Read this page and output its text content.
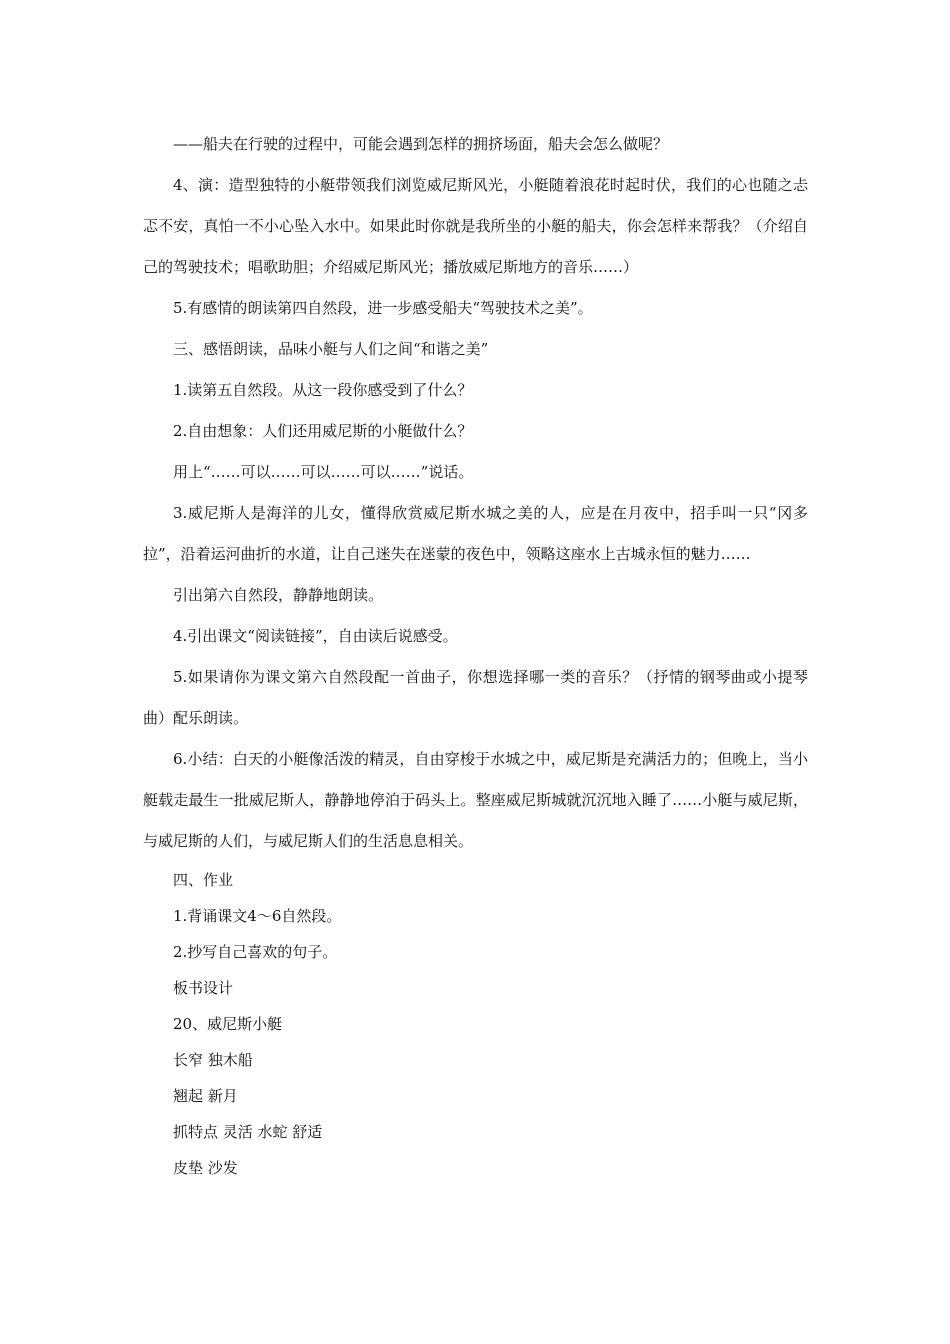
——船夫在行驶的过程中，可能会遇到怎样的拥挤场面，船夫会怎么做呢？

4、演：造型独特的小艇带领我们浏览威尼斯风光，小艇随着浪花时起时伏，我们的心也随之忐忑不安，真怕一不小心坠入水中。如果此时你就是我所坐的小艇的船夫，你会怎样来帮我？（介绍自己的驾驶技术；唱歌助胆；介绍威尼斯风光；播放威尼斯地方的音乐……）

5.有感情的朗读第四自然段，进一步感受船夫“驾驶技术之美”。

三、感悟朗读，品味小艇与人们之间“和谐之美”

1.读第五自然段。从这一段你感受到了什么？

2.自由想象：人们还用威尼斯的小艇做什么？

用上“……可以……可以……可以……”说话。

3.威尼斯人是海洋的儿女，懂得欣赏威尼斯水城之美的人，应是在月夜中，招手叫一只“冈多拉”，沿着运河曲折的水道，让自己迷失在迷蒙的夜色中，领略这座水上古城永恒的魅力……

引出第六自然段，静静地朗读。

4.引出课文“阅读链接”，自由读后说感受。

5.如果请你为课文第六自然段配一首曲子，你想选择哪一类的音乐？（抒情的钢琴曲或小提琴曲）配乐朗读。

6.小结：白天的小艇像活泼的精灵，自由穿梭于水城之中，威尼斯是充满活力的；但晚上，当小艇载走最生一批威尼斯人，静静地停泊于码头上。整座威尼斯城就沉沉地入睡了……小艇与威尼斯，与威尼斯的人们，与威尼斯人们的生活息息相关。

四、作业

1.背诵课文4～6自然段。

2.抄写自己喜欢的句子。

板书设计

20、威尼斯小艇

长窄 独木船

翘起 新月

抓特点 灵活 水蛇 舒适

皮垫 沙发
